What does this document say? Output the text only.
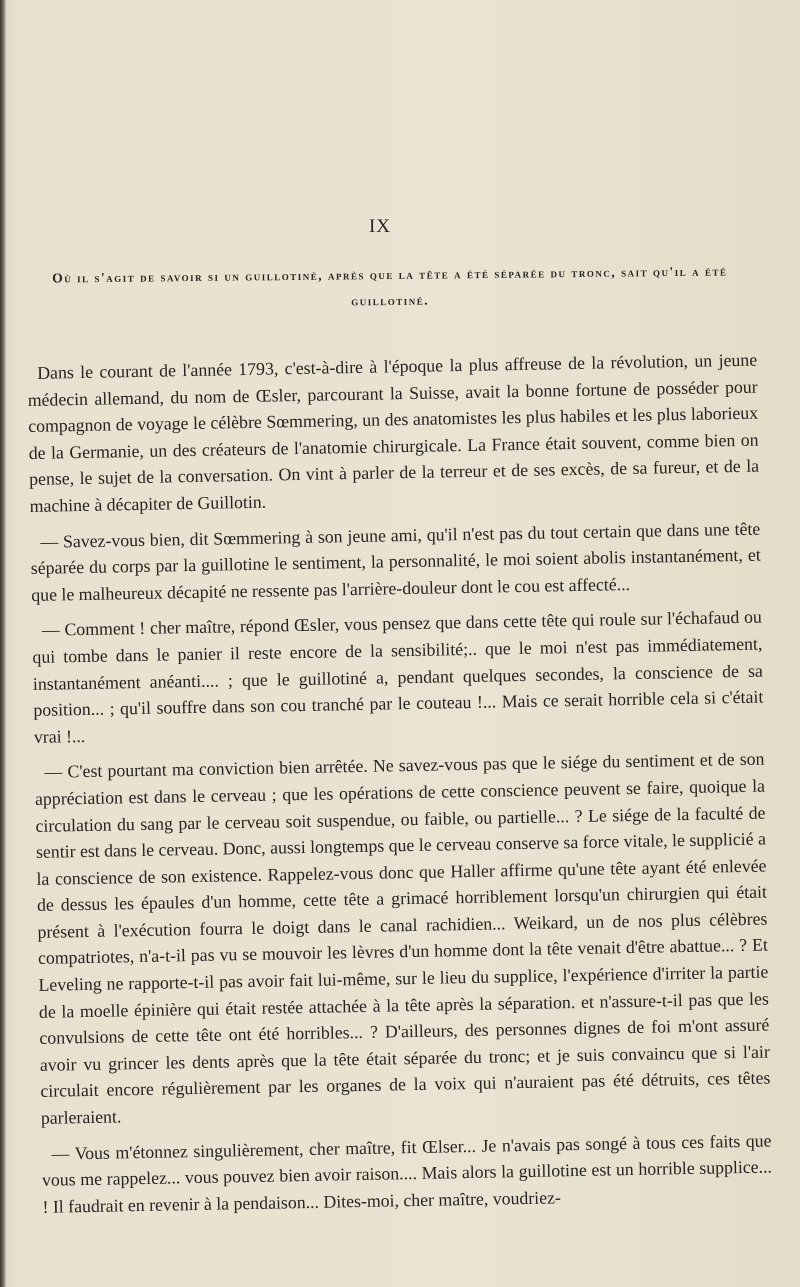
IX
Où il s'agit de savoir si un guillotiné, après que la tête a été séparée du tronc, sait qu'il a été guillotiné.

Dans le courant de l'année 1793, c'est-à-dire à l'époque la plus affreuse de la révolution, un jeune médecin allemand, du nom de Œsler, parcourant la Suisse, avait la bonne fortune de posséder pour compagnon de voyage le célèbre Sœmmering, un des anatomistes les plus habiles et les plus laborieux de la Germanie, un des créateurs de l'anatomie chirurgicale. La France était souvent, comme bien on pense, le sujet de la conversation. On vint à parler de la terreur et de ses excès, de sa fureur, et de la machine à décapiter de Guillotin.

— Savez-vous bien, dit Sœmmering à son jeune ami, qu'il n'est pas du tout certain que dans une tête séparée du corps par la guillotine le sentiment, la personnalité, le moi soient abolis instantanément, et que le malheureux décapité ne ressente pas l'arrière-douleur dont le cou est affecté...

— Comment ! cher maître, répond Œsler, vous pensez que dans cette tête qui roule sur l'échafaud ou qui tombe dans le panier il reste encore de la sensibilité;.. que le moi n'est pas immédiatement, instantanément anéanti.... ; que le guillotiné a, pendant quelques secondes, la conscience de sa position... ; qu'il souffre dans son cou tranché par le couteau !... Mais ce serait horrible cela si c'était vrai !...

— C'est pourtant ma conviction bien arrêtée. Ne savez-vous pas que le siége du sentiment et de son appréciation est dans le cerveau ; que les opérations de cette conscience peuvent se faire, quoique la circulation du sang par le cerveau soit suspendue, ou faible, ou partielle... ? Le siége de la faculté de sentir est dans le cerveau. Donc, aussi longtemps que le cerveau conserve sa force vitale, le supplicié a la conscience de son existence. Rappelez-vous donc que Haller affirme qu'une tête ayant été enlevée de dessus les épaules d'un homme, cette tête a grimacé horriblement lorsqu'un chirurgien qui était présent à l'exécution fourra le doigt dans le canal rachidien... Weikard, un de nos plus célèbres compatriotes, n'a-t-il pas vu se mouvoir les lèvres d'un homme dont la tête venait d'être abattue... ? Et Leveling ne rapporte-t-il pas avoir fait lui-même, sur le lieu du supplice, l'expérience d'irriter la partie de la moelle épinière qui était restée attachée à la tête après la séparation. et n'assure-t-il pas que les convulsions de cette tête ont été horribles... ? D'ailleurs, des personnes dignes de foi m'ont assuré avoir vu grincer les dents après que la tête était séparée du tronc; et je suis convaincu que si l'air circulait encore régulièrement par les organes de la voix qui n'auraient pas été détruits, ces têtes parleraient.

— Vous m'étonnez singulièrement, cher maître, fit Œlser... Je n'avais pas songé à tous ces faits que vous me rappelez... vous pouvez bien avoir raison.... Mais alors la guillotine est un horrible supplice... ! Il faudrait en revenir à la pendaison... Dites-moi, cher maître, voudriez-
